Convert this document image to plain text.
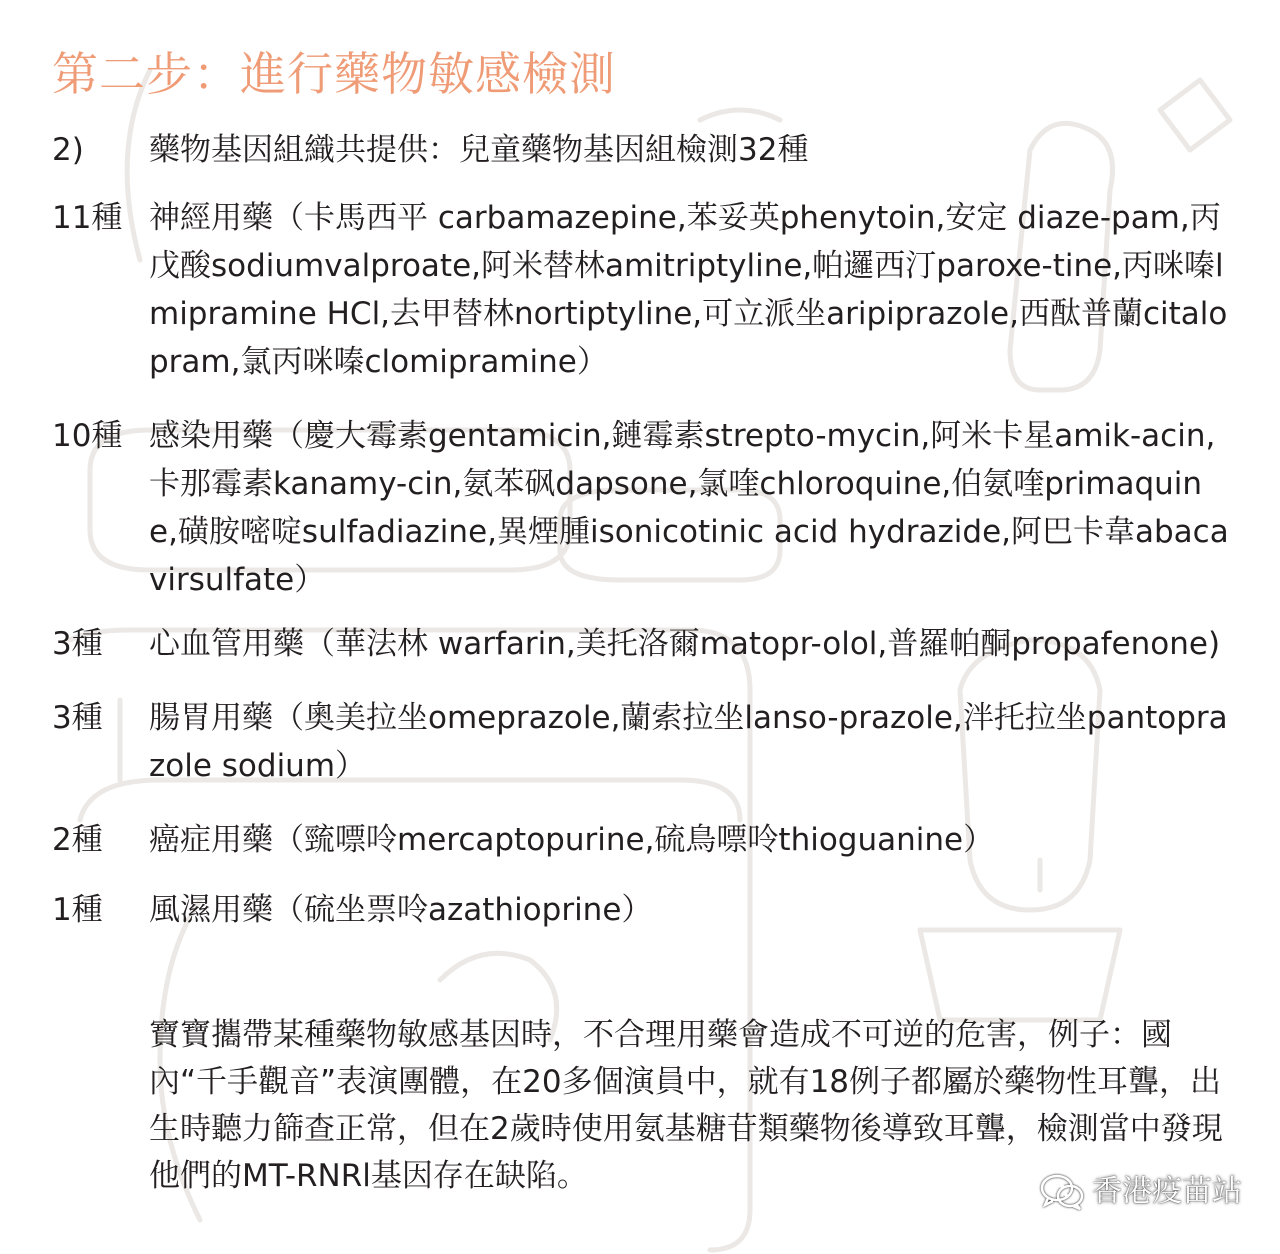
第二步：進行藥物敏感檢測
2)	藥物基因組織共提供：兒童藥物基因組檢測32種
11種 神經用藥（卡馬西平 carbamazepine,苯妥英phenytoin,安定 diaze-pam,丙戊酸sodiumvalproate,阿米替林amitriptyline,帕邏西汀paroxe-tine,丙咪嗪lmipramine HCl,去甲替林nortiptyline,可立派坐aripiprazole,西酞普蘭citalopram,氯丙咪嗪clomipramine）
10種 感染用藥（慶大霉素gentamicin,鏈霉素strepto-mycin,阿米卡星amik-acin,卡那霉素kanamy-cin,氨苯砜dapsone,氯喹chloroquine,伯氨喹primaquine,磺胺嘧啶sulfadiazine,異煙腫isonicotinic acid hydrazide,阿巴卡韋abacavirsulfate）
3種	心血管用藥（華法林 warfarin,美托洛爾matopr-olol,普羅帕酮propafenone)
3種	腸胃用藥（奧美拉坐omeprazole,蘭索拉坐lanso-prazole,泮托拉坐pantoprazole sodium）
2種	癌症用藥（巰嘌呤mercaptopurine,硫鳥嘌呤thioguanine）
1種	風濕用藥（硫坐票呤azathioprine）
寶寶攜帶某種藥物敏感基因時，不合理用藥會造成不可逆的危害，例子：國內“千手觀音”表演團體，在20多個演員中，就有18例子都屬於藥物性耳聾，出生時聽力篩查正常，但在2歲時使用氨基糖苷類藥物後導致耳聾，檢測當中發現他們的MT-RNRl基因存在缺陷。	香港疫苗站
